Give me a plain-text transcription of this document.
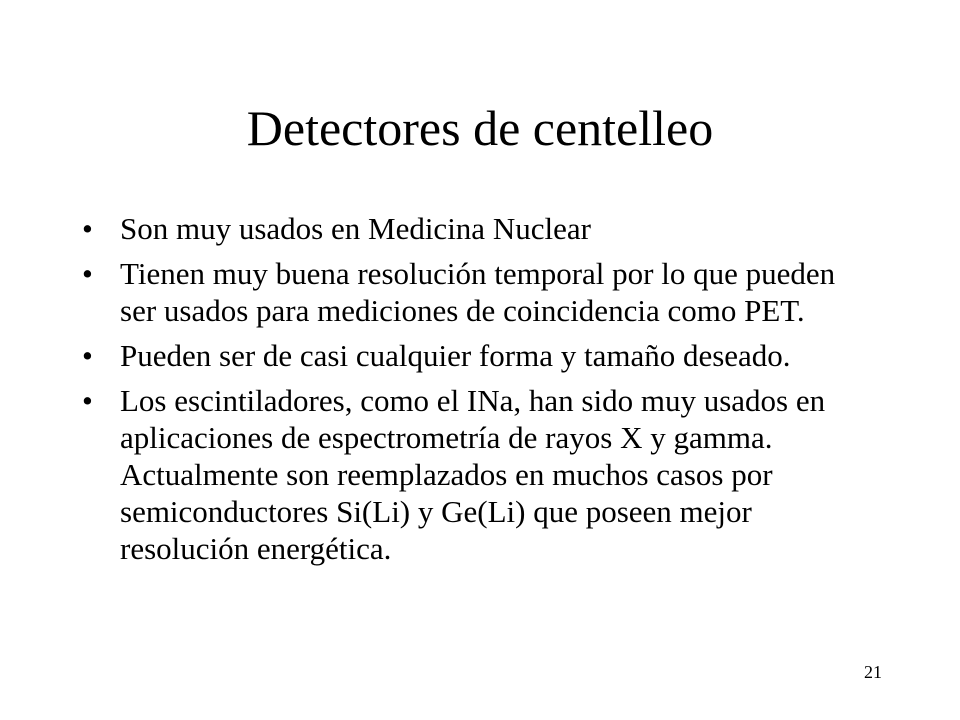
Detectores de centelleo
• Son muy usados en Medicina Nuclear
• Tienen muy buena resolución temporal por lo que pueden ser usados para mediciones de coincidencia como PET.
• Pueden ser de casi cualquier forma y tamaño deseado.
• Los escintiladores, como el INa, han sido muy usados en aplicaciones de espectrometría de rayos X y gamma. Actualmente son reemplazados en muchos casos por semiconductores Si(Li) y Ge(Li) que poseen mejor resolución energética.
21
